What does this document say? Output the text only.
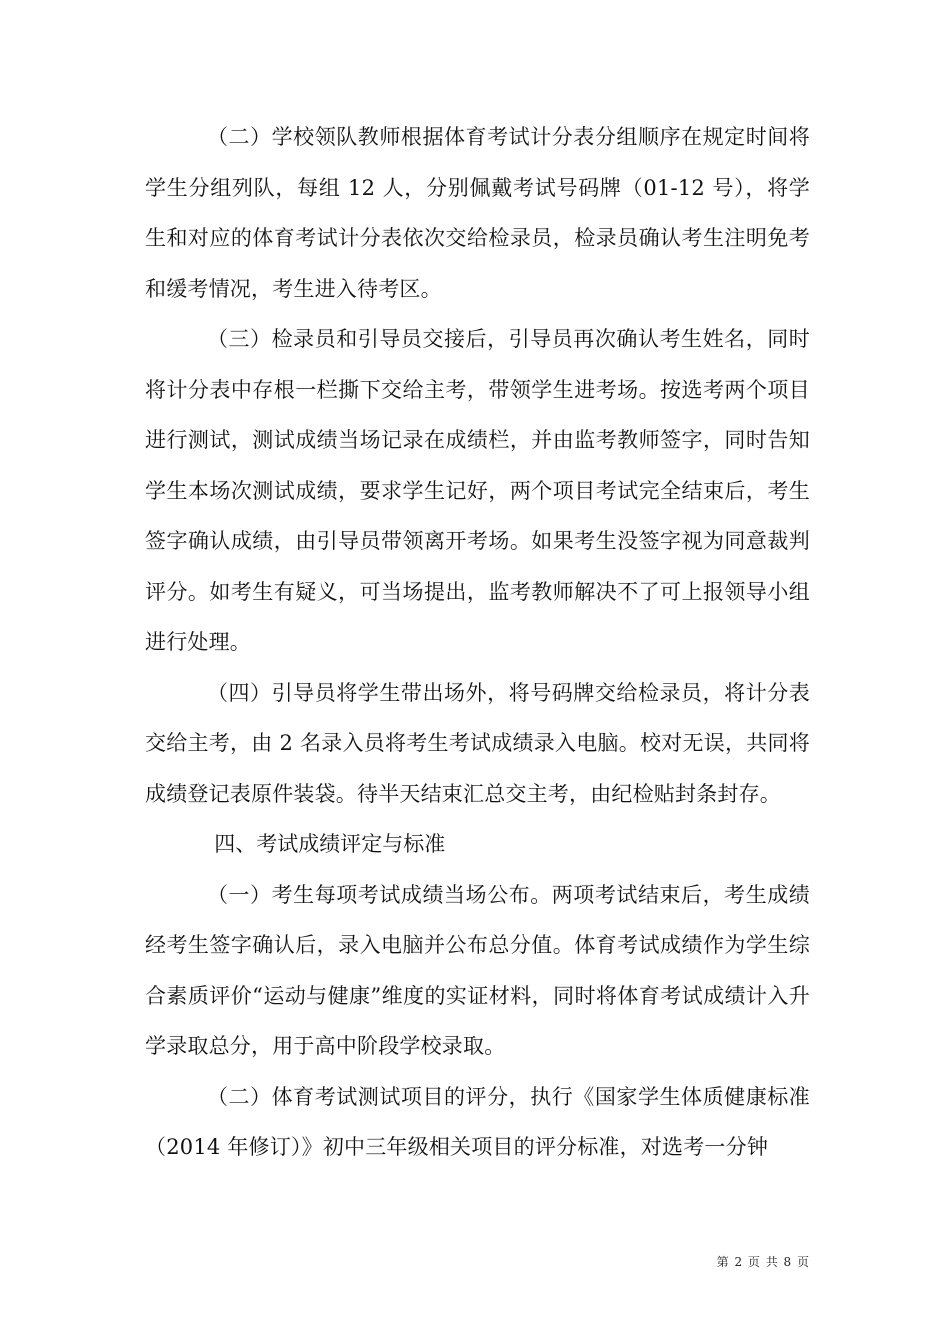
（二）学校领队教师根据体育考试计分表分组顺序在规定时间将学生分组列队，每组 12 人，分别佩戴考试号码牌（01-12 号），将学生和对应的体育考试计分表依次交给检录员，检录员确认考生注明免考和缓考情况，考生进入待考区。

（三）检录员和引导员交接后，引导员再次确认考生姓名，同时将计分表中存根一栏撕下交给主考，带领学生进考场。按选考两个项目进行测试，测试成绩当场记录在成绩栏，并由监考教师签字，同时告知学生本场次测试成绩，要求学生记好，两个项目考试完全结束后，考生签字确认成绩，由引导员带领离开考场。如果考生没签字视为同意裁判评分。如考生有疑义，可当场提出，监考教师解决不了可上报领导小组进行处理。

（四）引导员将学生带出场外，将号码牌交给检录员，将计分表交给主考，由 2 名录入员将考生考试成绩录入电脑。校对无误，共同将成绩登记表原件装袋。待半天结束汇总交主考，由纪检贴封条封存。

四、考试成绩评定与标准

（一）考生每项考试成绩当场公布。两项考试结束后，考生成绩经考生签字确认后，录入电脑并公布总分值。体育考试成绩作为学生综合素质评价“运动与健康”维度的实证材料，同时将体育考试成绩计入升学录取总分，用于高中阶段学校录取。

（二）体育考试测试项目的评分，执行《国家学生体质健康标准（2014 年修订）》初中三年级相关项目的评分标准，对选考一分钟

第 2 页 共 8 页
